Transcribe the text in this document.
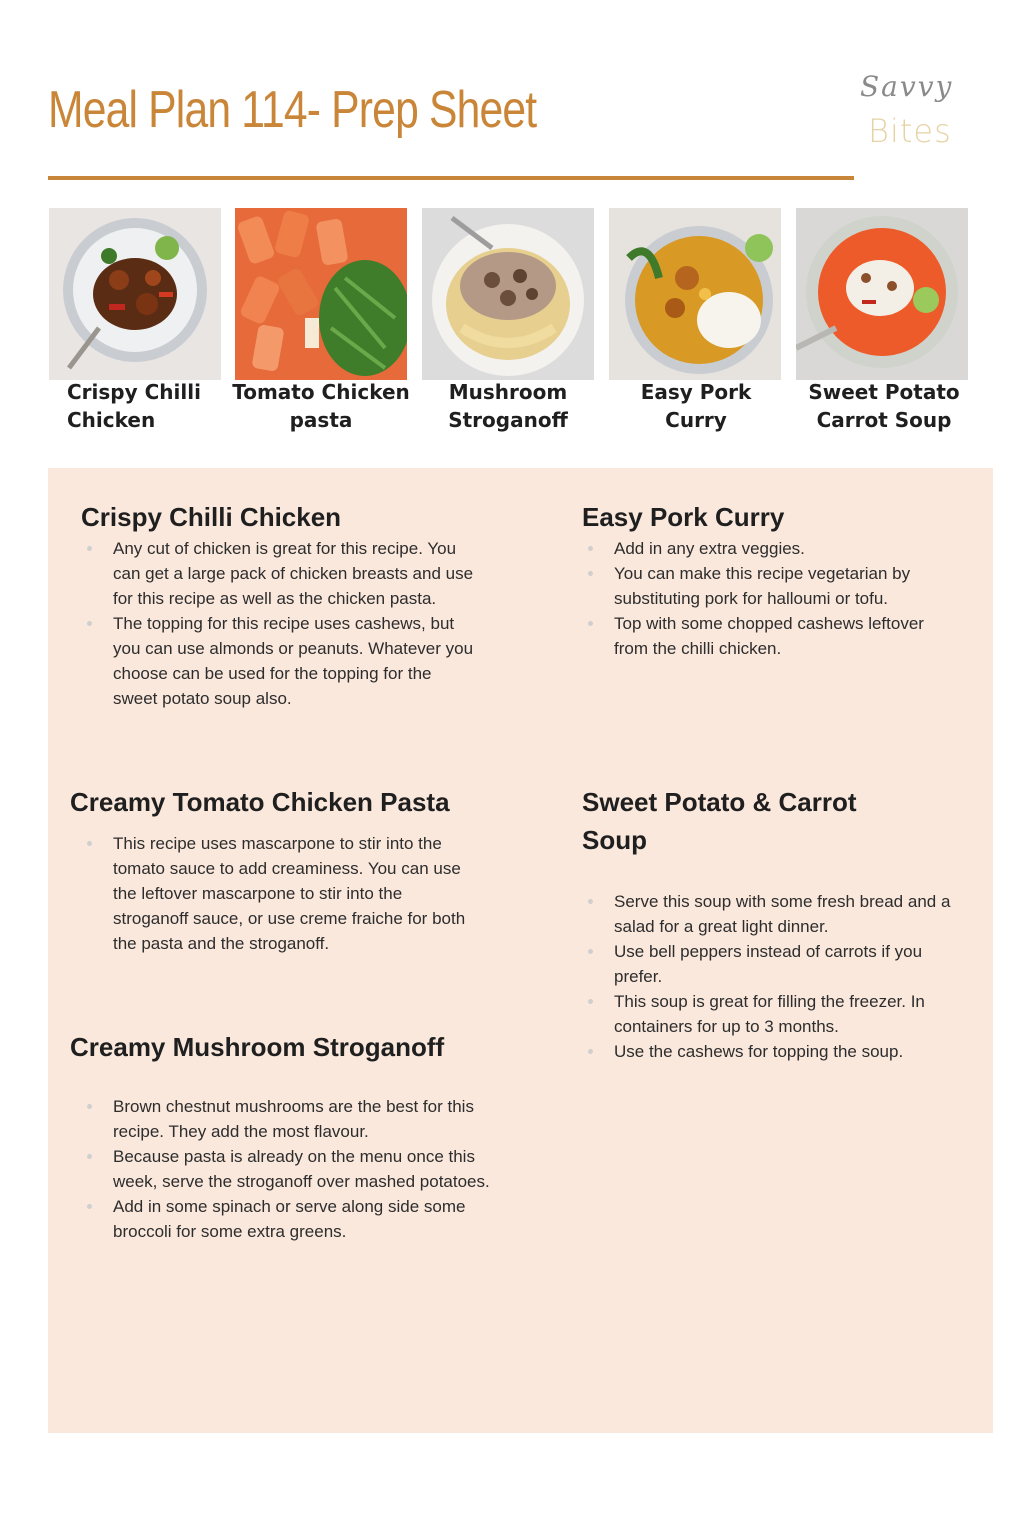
Meal Plan 114- Prep Sheet	Savvy
Bites
Crispy Chilli Chicken
Tomato Chicken pasta
Mushroom Stroganoff
Easy Pork Curry
Sweet Potato Carrot Soup
Crispy Chilli Chicken
Any cut of chicken is great for this recipe. You can get a large pack of chicken breasts and use for this recipe as well as the chicken pasta.
The topping for this recipe uses cashews, but you can use almonds or peanuts. Whatever you choose can be used for the topping for the sweet potato soup also.
Easy Pork Curry
Add in any extra veggies.
You can make this recipe vegetarian by substituting pork for halloumi or tofu.
Top with some chopped cashews leftover from the chilli chicken.
Creamy Tomato Chicken Pasta
This recipe uses mascarpone to stir into the tomato sauce to add creaminess. You can use the leftover mascarpone to stir into the stroganoff sauce, or use creme fraiche for both the pasta and the stroganoff.
Sweet Potato & Carrot Soup
Serve this soup with some fresh bread and a salad for a great light dinner.
Use bell peppers instead of carrots if you prefer.
This soup is great for filling the freezer. In containers for up to 3 months.
Use the cashews for topping the soup.
Creamy Mushroom Stroganoff
Brown chestnut mushrooms are the best for this recipe. They add the most flavour.
Because pasta is already on the menu once this week, serve the stroganoff over mashed potatoes.
Add in some spinach or serve along side some broccoli for some extra greens.
